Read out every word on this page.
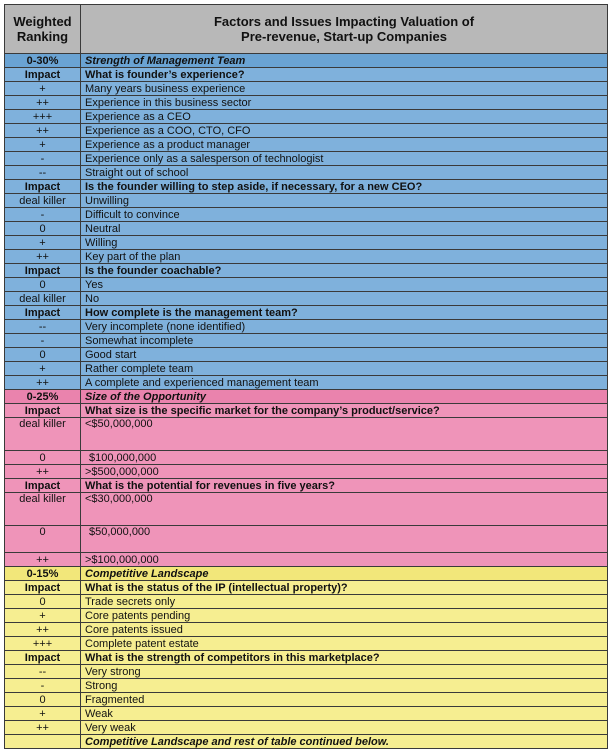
Weighted Ranking	Factors and Issues Impacting Valuation of
Pre-revenue, Start-up Companies

0-30%	Strength of Management Team
Impact	What is founder’s experience?
+	Many years business experience
++	Experience in this business sector
+++	Experience as a CEO
++	Experience as a COO, CTO, CFO
+	Experience as a product manager
-	Experience only as a salesperson of technologist
--	Straight out of school
Impact	Is the founder willing to step aside, if necessary, for a new CEO?
deal killer	Unwilling
-	Difficult to convince
0	Neutral
+	Willing
++	Key part of the plan
Impact	Is the founder coachable?
0	Yes
deal killer	No
Impact	How complete is the management team?
--	Very incomplete (none identified)
-	Somewhat incomplete
0	Good start
+	Rather complete team
++	A complete and experienced management team
0-25%	Size of the Opportunity
Impact	What size is the specific market for the company’s product/service?
deal killer	<$50,000,000
0	$100,000,000
++	>$500,000,000
Impact	What is the potential for revenues in five years?
deal killer	<$30,000,000
0	$50,000,000
++	>$100,000,000
0-15%	Competitive Landscape
Impact	What is the status of the IP (intellectual property)?
0	Trade secrets only
+	Core patents pending
++	Core patents issued
+++	Complete patent estate
Impact	What is the strength of competitors in this marketplace?
--	Very strong
-	Strong
0	Fragmented
+	Weak
++	Very weak
	Competitive Landscape and rest of table continued below.
